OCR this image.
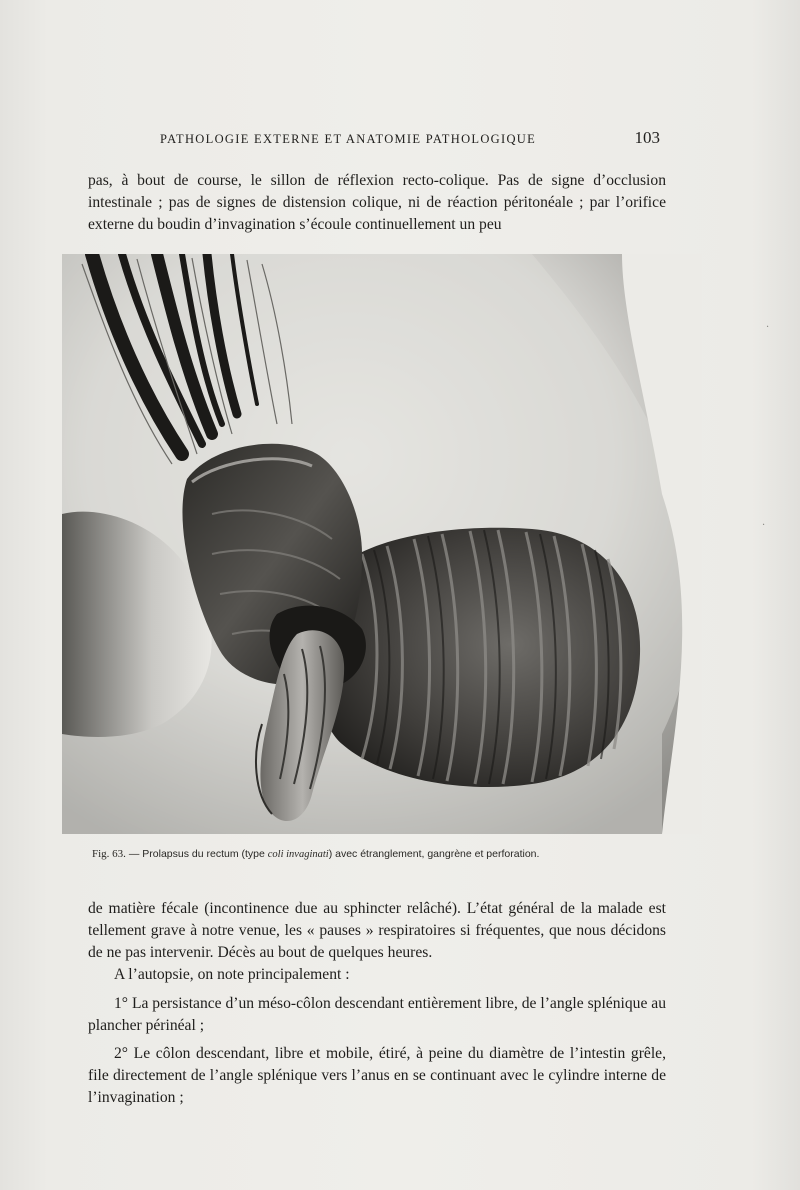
PATHOLOGIE EXTERNE ET ANATOMIE PATHOLOGIQUE	103

pas, à bout de course, le sillon de réflexion recto-colique. Pas de signe d’occlusion intestinale ; pas de signes de distension colique, ni de réaction péritonéale ; par l’orifice externe du boudin d’invagination s’écoule continuellement un peu

Fig. 63. — Prolapsus du rectum (type coli invaginati) avec étranglement, gangrène et perforation.

de matière fécale (incontinence due au sphincter relâché). L’état général de la malade est tellement grave à notre venue, les « pauses » respiratoires si fréquentes, que nous décidons de ne pas intervenir. Décès au bout de quelques heures.

A l’autopsie, on note principalement :

1° La persistance d’un méso-côlon descendant entièrement libre, de l’angle splénique au plancher périnéal ;

2° Le côlon descendant, libre et mobile, étiré, à peine du diamètre de l’intestin grêle, file directement de l’angle splénique vers l’anus en se continuant avec le cylindre interne de l’invagination ;

·
·
